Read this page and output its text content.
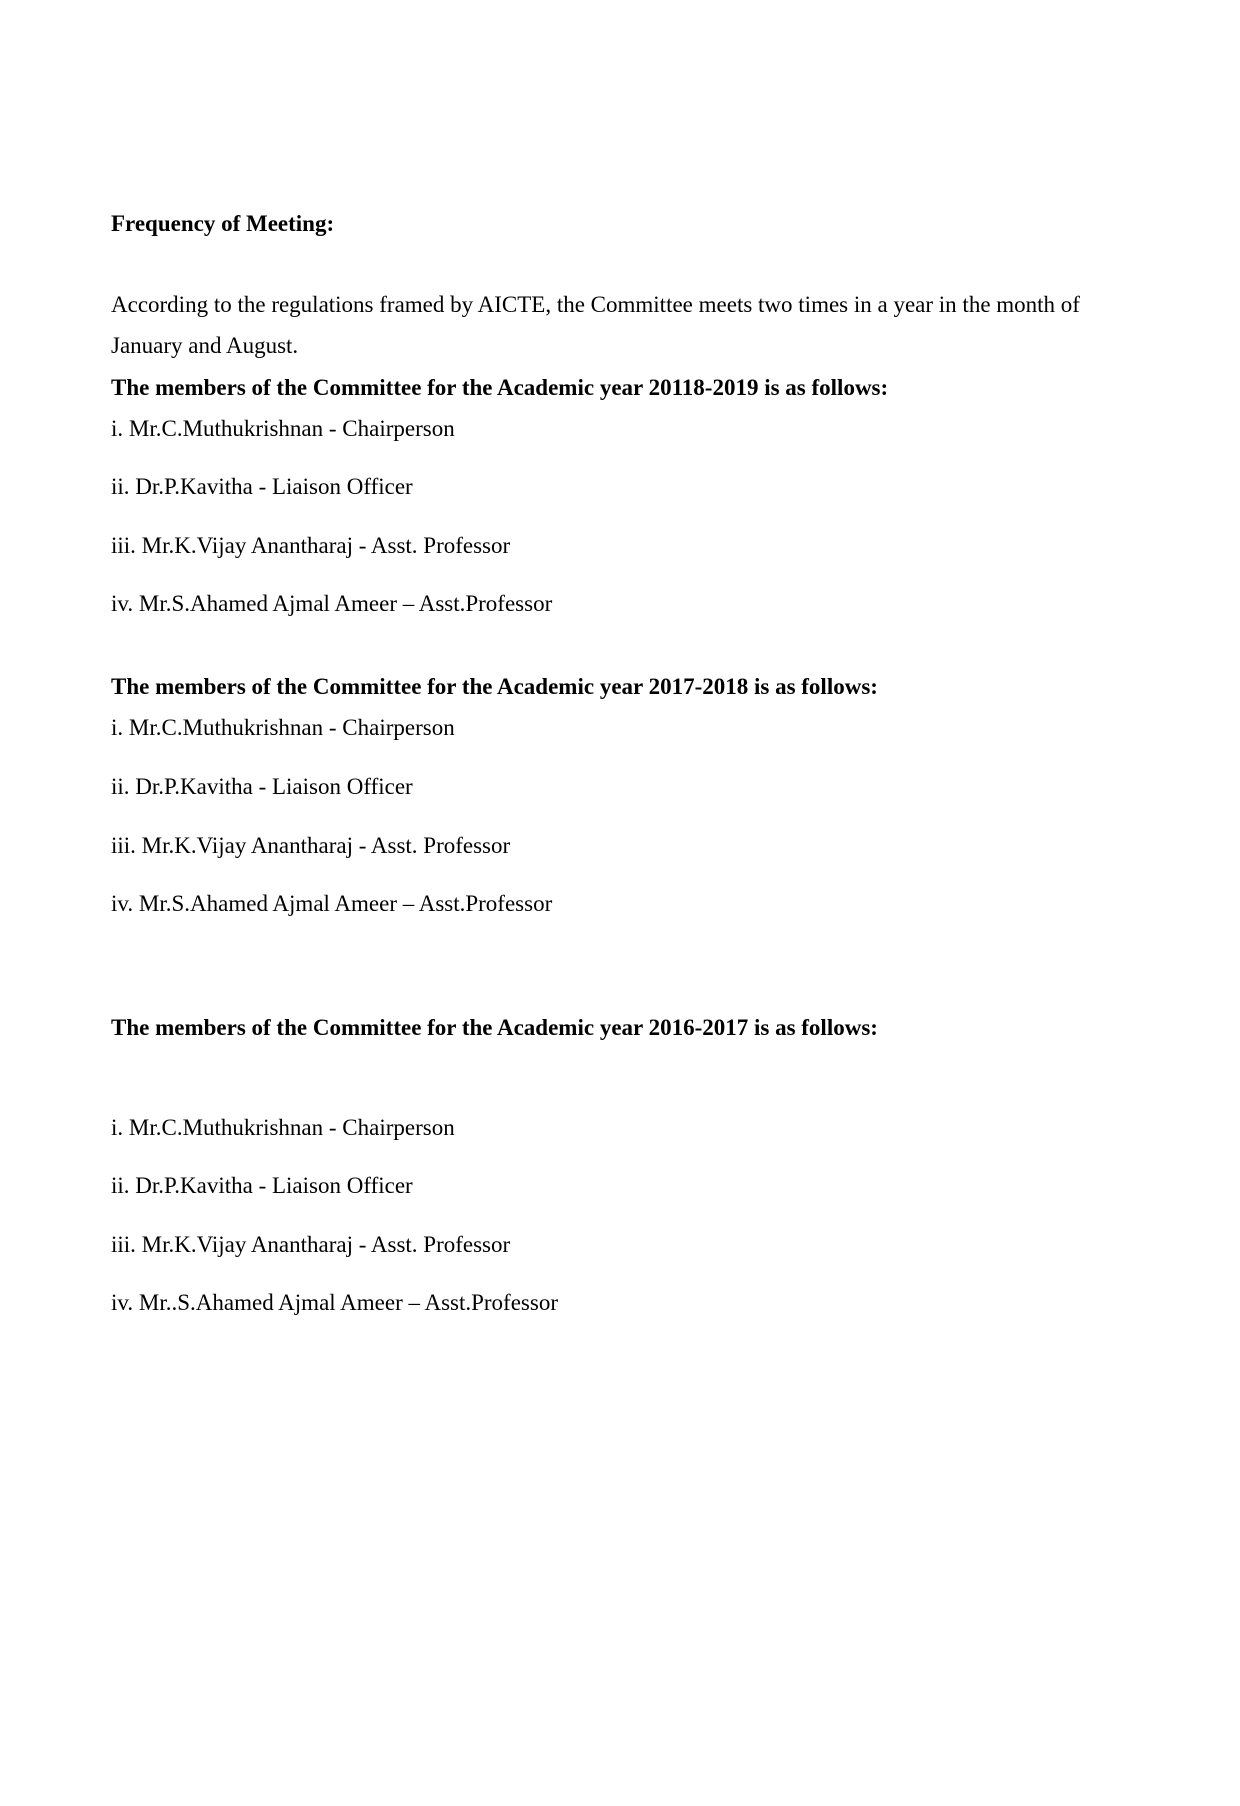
Frequency of Meeting:
According to the regulations framed by AICTE, the Committee meets two times in a year in the month of January and August.
The members of the Committee for the Academic year 20118-2019 is as follows:
i. Mr.C.Muthukrishnan - Chairperson
ii. Dr.P.Kavitha - Liaison Officer
iii. Mr.K.Vijay Anantharaj - Asst. Professor
iv. Mr.S.Ahamed Ajmal Ameer – Asst.Professor
The members of the Committee for the Academic year 2017-2018 is as follows:
i. Mr.C.Muthukrishnan - Chairperson
ii. Dr.P.Kavitha - Liaison Officer
iii. Mr.K.Vijay Anantharaj - Asst. Professor
iv. Mr.S.Ahamed Ajmal Ameer – Asst.Professor
The members of the Committee for the Academic year 2016-2017 is as follows:
i. Mr.C.Muthukrishnan - Chairperson
ii. Dr.P.Kavitha - Liaison Officer
iii. Mr.K.Vijay Anantharaj - Asst. Professor
iv. Mr..S.Ahamed Ajmal Ameer – Asst.Professor
